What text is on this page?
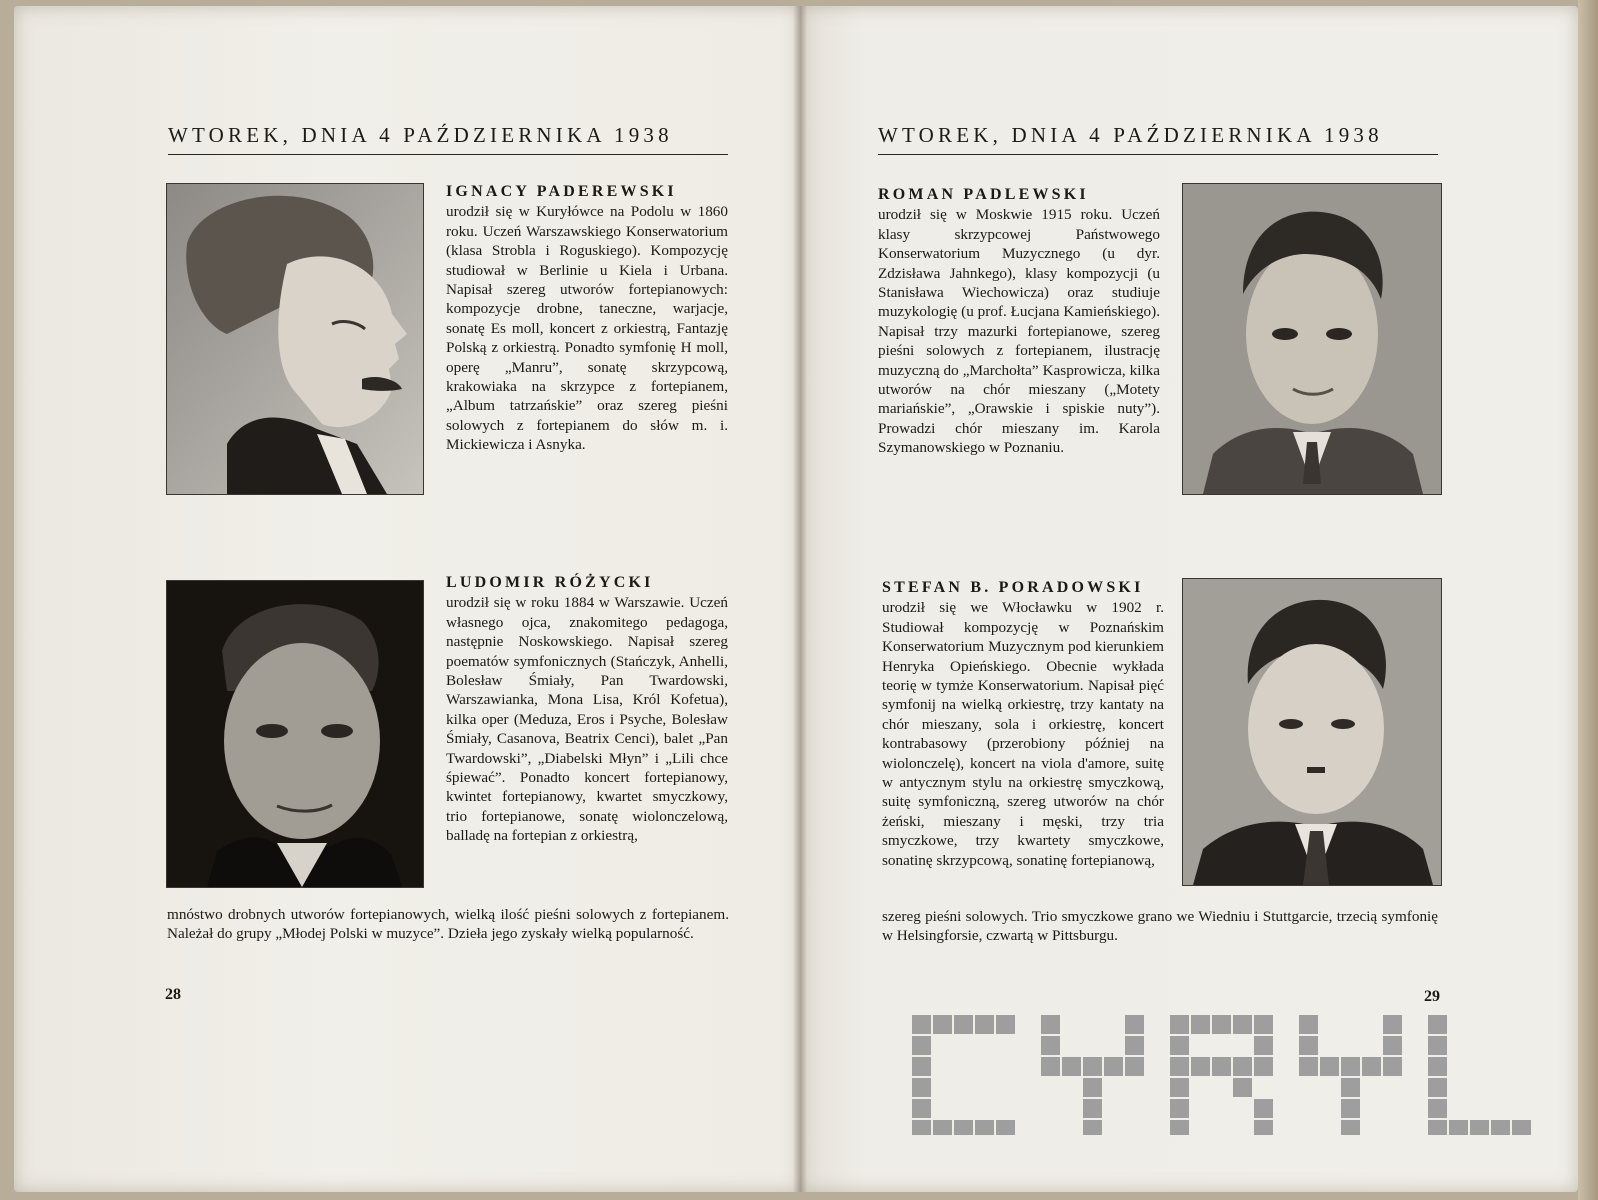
WTOREK, DNIA 4 PAŹDZIERNIKA 1938	WTOREK, DNIA 4 PAŹDZIERNIKA 1938
IGNACY PADEREWSKI
urodził się w Kuryłówce na Podolu w 1860 roku. Uczeń Warszawskiego Konserwatorium (klasa Strobla i Roguskiego). Kompozycję studiował w Berlinie u Kiela i Urbana. Napisał szereg utworów fortepianowych: kompozycje drobne, taneczne, warjacje, sonatę Es moll, koncert z orkiestrą, Fantazję Polską z orkiestrą. Ponadto symfonię H moll, operę „Manru”, sonatę skrzypcową, krakowiaka na skrzypce z fortepianem, „Album tatrzańskie” oraz szereg pieśni solowych z fortepianem do słów m. i. Mickiewicza i Asnyka.
ROMAN PADLEWSKI
urodził się w Moskwie 1915 roku. Uczeń klasy skrzypcowej Państwowego Konserwatorium Muzycznego (u dyr. Zdzisława Jahnkego), klasy kompozycji (u Stanisława Wiechowicza) oraz studiuje muzykologię (u prof. Łucjana Kamieńskiego). Napisał trzy mazurki fortepianowe, szereg pieśni solowych z fortepianem, ilustrację muzyczną do „Marchołta” Kasprowicza, kilka utworów na chór mieszany („Motety mariańskie”, „Orawskie i spiskie nuty”). Prowadzi chór mieszany im. Karola Szymanowskiego w Poznaniu.
LUDOMIR RÓŻYCKI
urodził się w roku 1884 w Warszawie. Uczeń własnego ojca, znakomitego pedagoga, następnie Noskowskiego. Napisał szereg poematów symfonicznych (Stańczyk, Anhelli, Bolesław Śmiały, Pan Twardowski, Warszawianka, Mona Lisa, Król Kofetua), kilka oper (Meduza, Eros i Psyche, Bolesław Śmiały, Casanova, Beatrix Cenci), balet „Pan Twardowski”, „Diabelski Młyn” i „Lili chce śpiewać”. Ponadto koncert fortepianowy, kwintet fortepianowy, kwartet smyczkowy, trio fortepianowe, sonatę wiolonczelową, balladę na fortepian z orkiestrą,
mnóstwo drobnych utworów fortepianowych, wielką ilość pieśni solowych z fortepianem. Należał do grupy „Młodej Polski w muzyce”. Dzieła jego zyskały wielką popularność.
STEFAN B. PORADOWSKI
urodził się we Włocławku w 1902 r. Studiował kompozycję w Poznańskim Konserwatorium Muzycznym pod kierunkiem Henryka Opieńskiego. Obecnie wykłada teorię w tymże Konserwatorium. Napisał pięć symfonij na wielką orkiestrę, trzy kantaty na chór mieszany, sola i orkiestrę, koncert kontrabasowy (przerobiony później na wiolonczelę), koncert na viola d'amore, suitę w antycznym stylu na orkiestrę smyczkową, suitę symfoniczną, szereg utworów na chór żeński, mieszany i męski, trzy tria smyczkowe, trzy kwartety smyczkowe, sonatinę skrzypcową, sonatinę fortepianową,
szereg pieśni solowych. Trio smyczkowe grano we Wiedniu i Stuttgarcie, trzecią symfonię w Helsingforsie, czwartą w Pittsburgu.
28	29
